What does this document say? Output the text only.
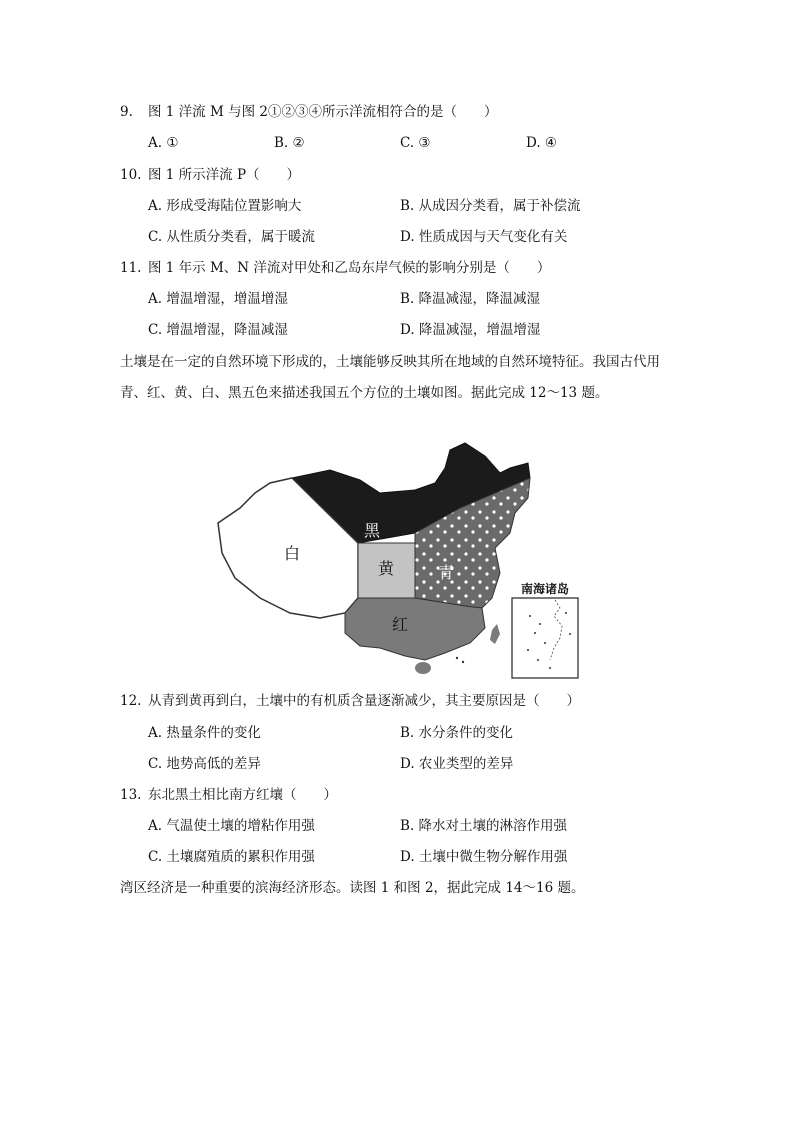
9. 图 1 洋流 M 与图 2①②③④所示洋流相符合的是（　　）
A. ①	B. ②	C. ③	D. ④
10. 图 1 所示洋流 P（　　）
A. 形成受海陆位置影响大	B. 从成因分类看，属于补偿流
C. 从性质分类看，属于暖流	D. 性质成因与天气变化有关
11. 图 1 年示 M、N 洋流对甲处和乙岛东岸气候的影响分别是（　　）
A. 增温增湿，增温增湿	B. 降温减湿，降温减湿
C. 增温增湿，降温减湿	D. 降温减湿，增温增湿
土壤是在一定的自然环境下形成的，土壤能够反映其所在地域的自然环境特征。我国古代用
青、红、黄、白、黑五色来描述我国五个方位的土壤如图。据此完成 12～13 题。
白
黑
黄	青
红
南海诸岛
12. 从青到黄再到白，土壤中的有机质含量逐渐减少，其主要原因是（　　）
A. 热量条件的变化	B. 水分条件的变化
C. 地势高低的差异	D. 农业类型的差异
13. 东北黑土相比南方红壤（　　）
A. 气温使土壤的增粘作用强	B. 降水对土壤的淋溶作用强
C. 土壤腐殖质的累积作用强	D. 土壤中微生物分解作用强
湾区经济是一种重要的滨海经济形态。读图 1 和图 2，据此完成 14～16 题。
